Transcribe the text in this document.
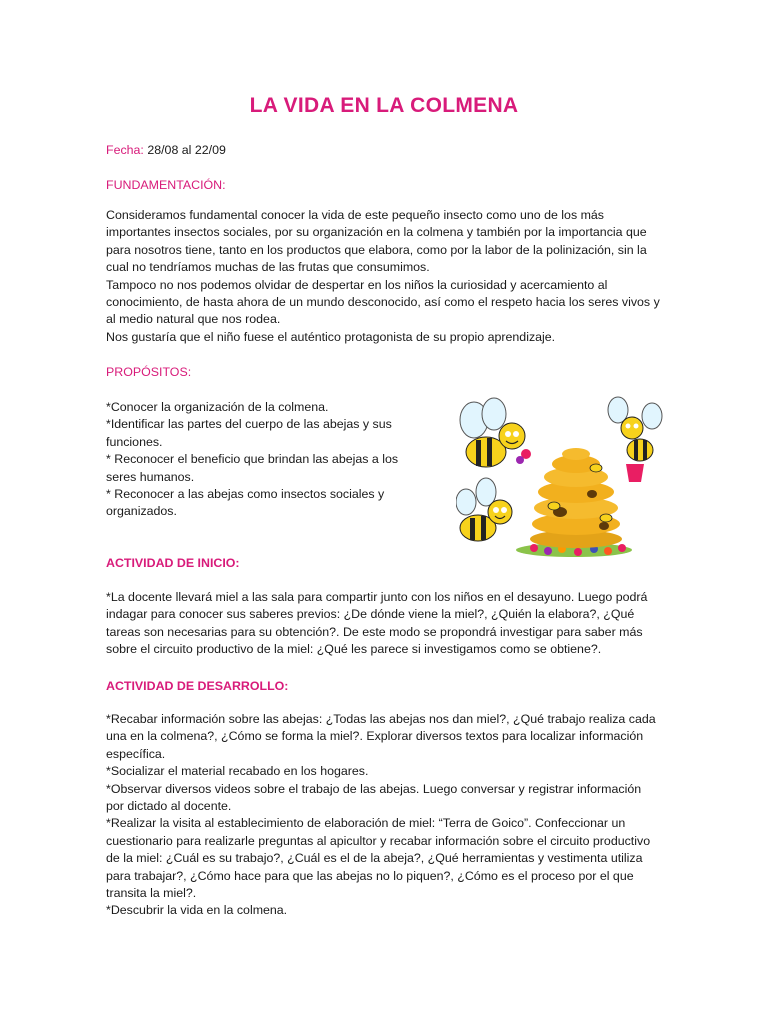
LA VIDA EN LA COLMENA
Fecha: 28/08 al 22/09
FUNDAMENTACIÓN:

Consideramos fundamental conocer la vida de este pequeño insecto como uno de los más importantes insectos sociales, por su organización en la colmena y también por la importancia que para nosotros tiene, tanto en los productos que elabora, como por la labor de la polinización, sin la cual no tendríamos muchas de las frutas que consumimos.

Tampoco no nos podemos olvidar de despertar en los niños la curiosidad y acercamiento al conocimiento, de hasta ahora de un mundo desconocido, así como el respeto hacia los seres vivos y al medio natural que nos rodea.

Nos gustaría que el niño fuese el auténtico protagonista de su propio aprendizaje.

PROPÓSITOS:

*Conocer la organización de la colmena.

*Identificar las partes del cuerpo de las abejas y sus funciones.

* Reconocer el beneficio que brindan las abejas a los seres humanos.

* Reconocer a las abejas como insectos sociales y organizados.

ACTIVIDAD DE INICIO:

*La docente llevará miel a las sala para compartir junto con los niños en el desayuno. Luego podrá indagar para conocer sus saberes previos: ¿De dónde viene la miel?, ¿Quién la elabora?, ¿Qué tareas son necesarias para su obtención?. De este modo se propondrá investigar para saber más sobre el circuito productivo de la miel: ¿Qué les parece si investigamos como se obtiene?.

ACTIVIDAD DE DESARROLLO:

*Recabar información sobre las abejas: ¿Todas las abejas nos dan miel?, ¿Qué trabajo realiza cada una en la colmena?, ¿Cómo se forma la miel?. Explorar diversos textos para localizar información específica.

*Socializar el material recabado en los hogares.

*Observar diversos videos sobre el trabajo de las abejas. Luego conversar y registrar información por dictado al docente.

*Realizar la visita al establecimiento de elaboración de miel: “Terra de Goico”. Confeccionar un cuestionario para realizarle preguntas al apicultor y recabar información sobre el circuito productivo de la miel: ¿Cuál es su trabajo?, ¿Cuál es el de la abeja?, ¿Qué herramientas y vestimenta utiliza para trabajar?, ¿Cómo hace para que las abejas no lo piquen?, ¿Cómo es el proceso por el que transita la miel?.

*Descubrir la vida en la colmena.
